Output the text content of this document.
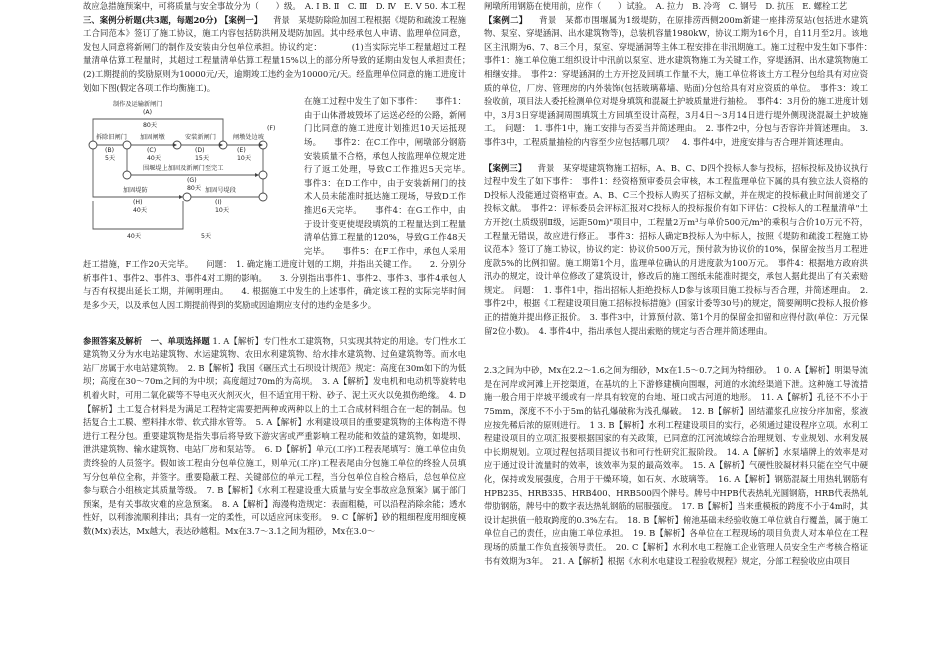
故应急措施预案中，可将质量与安全事故分为（　　）级。　A. I B. Ⅱ　C. Ⅲ　D. Ⅳ　E. V 50. 本工程

三、案例分析题(共3题，每题20分) 【案例一】 　背景　某堤防除险加固工程根据《堤防和疏浚工程施工合同范本》签订了施工协议，施工内容包括防洪闸及堤防加固。其中经承包人申请、监理单位同意，发包人同意将新闸门的制作及安装由分包单位承担。协议约定：　　　　(1)当实际完毕工程量超过工程量清单估算工程量时，其超过工程量清单估算工程量15%以上的部分所导致的延期由发包人承担责任；　　(2)工期提前的奖励原则为10000元/天，逾期竣工违约金为10000元/天。经监理单位同意的施工进度计划如下图(假定各项工作均衡施工)。

制作及运输新闸门
(A)
80天
拆除旧闸门
(B)
5天
加固闸墩
(C)
40天
安装新闸门
(D)
15天
闸墩处边坡
(E)
10天
(F)
围堰堤上加固及新闸门至完工
(G)
80天
加固堤防
(H)
40天
加固号堤段
(I)
10天
40天	5天

在施工过程中发生了如下事件：　　事件1：由于山体滑坡毁坏了运送必经的公路，新闸门比同意的施工进度计划推迟10天运抵现场。　　事件2：在C工作中，闸墩部分钢筋安装质量不合格，承包人按监理单位规定进行了返工处理，导致C工作推迟5天完毕。　　事件3：在D工作中，由于安装新闸门的技术人员未能准时抵达施工现场，导致D工作推迟6天完毕。　　事件4：在G工作中，由于设计变更使堤段填筑的工程量达到工程量清单估算工程量的120%，导致G工作48天完毕。　　事件5：在F工作中，承包人采用赶工措施，F工作20天完毕。　　问题：　1. 确定施工进度计划的工期，并指出关键工作。　　2. 分别分析事件1、事件2、事件3、事件4对工期的影响。　　3. 分别指出事件1、事件2、事件3、事件4承包人与否有权提出延长工期，并阐明理由。　　4. 根据施工中发生的上述事件，确定该工程的实际完毕时间是多少天，以及承包人因工期提前得到的奖励或因逾期应支付的违约金是多少。

参照答案及解析　一、单项选择题 1. A【解析】专门性水工建筑物，只实现其特定的用途。专门性水工建筑物又分为水电站建筑物、水运建筑物、农田水利建筑物、给水排水建筑物、过鱼建筑物等。而水电站厂房属于水电站建筑物。　2. B【解析】我国《碾压式土石坝设计规范》规定：高度在30m如下的为低坝；高度在30～70m之间的为中坝；高度超过70m的为高坝。　3. A【解析】发电机和电动机等旋转电机着火时，可用二氧化碳等不导电灭火剂灭火，但不适宜用干粉、砂子、泥土灭火以免损伤绝缘。　4. D【解析】土工复合材料是为满足工程特定需要把两种或两种以上的土工合成材料组合在一起的制品。包括复合土工膜、塑料排水带、软式排水管等。　5. A【解析】水利建设项目的重要建筑物的主体构造不得进行工程分包。重要建筑物是指失事后将导致下游灾害或严重影响工程功能和效益的建筑物，如堤坝、泄洪建筑物、输水建筑物、电站厂房和泵站等。　6. D【解析】单元(工序)工程表尾填写：施工单位由负责终验的人员签字。假如该工程由分包单位施工，则单元(工序)工程表尾由分包施工单位的终验人员填写分包单位全称，并签字。重要隐蔽工程、关键部位的单元工程，当分包单位自检合格后，总包单位应参与联合小组核定其质量等级。　7. B【解析】《水利工程建设重大质量与安全事故应急预案》属于部门预案，是有关事故灾难的应急预案。　8. A【解析】海漫构造规定：表面粗糙，可以沿程消除余能；透水性好，以利渗流顺利排出；具有一定的柔性，可以适应河床变形。　9. C【解析】砂的粗细程度用细度模数(Mx)表达，Mx越大，表达砂越粗。Mx在3.7～3.1之间为粗砂，Mx在3.0～

闸墩所用钢筋在使用前，应作（　　）试验。　A. 拉力　B. 冷弯　C. 钢号　D. 抗压　E. 螺栓工艺

【案例二】 　背景　某都市围堰属为1级堤防，在原排涝西侧200m新建一座排涝泵站(包括进水建筑物、泵室、穿堤涵洞、出水建筑物等)，总装机容量1980kW，协议工期为16个月，自11月至2月。该地区主汛期为6、7、8三个月，泵室、穿堤涵洞等主体工程安排在非汛期施工。施工过程中发生如下事件：　事件1：施工单位施工组织设计中汛前以泵室、进水建筑物施工为关键工作，穿堤涵洞、出水建筑物施工相继安排。　事件2：穿堤涵洞的土方开挖及回填工作量不大，施工单位将该土方工程分包给具有对应资质的单位，厂房、管理房的内外装饰(包括玻璃幕墙、贴面)分包给具有对应资质的单位。　事件3：竣工验收前，项目法人委托检测单位对堤身填筑和混凝土护坡质量进行抽检。　事件4：3月份的施工进度计划中，3月3日穿堤涵洞周围填筑土方回填至设计高程，3月4日～3月14日进行堤外侧现浇混凝土护坡施工。　问题：　1. 事件1中，施工安排与否妥当并简述理由。　2. 事件2中，分包与否容许并简述理由。　3. 事件3中，工程质量抽检的内容至少应包括哪几项？　4. 事件4中，进度安排与否合理并简述理由。

【案例三】 　背景　某穿堤建筑物施工招标，A、B、C、D四个投标人参与投标，招标投标及协议执行过程中发生了如下事件：　事件1：经资格预审委员会审核，本工程监理单位下属的具有独立法人资格的D投标人没能通过资格审查。A、B、C三个投标人购买了招标文献，并在规定的投标截止时间前递交了投标文献。　事件2：评标委员会评标汇报对C投标人的投标报价有如下评估：C投标人的工程量清单"土方开挖(土质级别Ⅱ级，运距50m)"项目中，工程量2万m³与单价500元/m³的乘积与合价10万元不符，工程量无错误，故应进行修正。　事件3：招标人确定B投标人为中标人，按照《堤防和疏浚工程施工协议范本》签订了施工协议，协议约定：协议价500万元，预付款为协议价的10%，保留金按当月工程进度款5%的比例扣留。施工期第1个月，监理单位确认的月进度款为100万元。　事件4：根据地方政府洪汛办的规定，设计单位修改了建筑设计，修改后的施工图纸未能准时提交，承包人据此提出了有关索赔规定。　问题：　1. 事件1中，指出招标人拒绝投标人D参与该项目施工投标与否合理，并简述理由。　2. 事件2中，根据《工程建设项目施工招标投标措施》(国家计委等30号)的规定，简要阐明C投标人报价修正的措施并提出修正报价。　3. 事件3中，计算预付款、第1个月的保留金扣留和应得付款(单位：万元保留2位小数)。　4. 事件4中，指出承包人提出索赔的规定与否合理并简述理由。

2.3之间为中砂，Mx在2.2～1.6之间为细砂，Mx在1.5～0.7之间为特细砂。　1 0. A【解析】明渠导流是在河岸或河滩上开挖渠道，在基坑的上下游修建横向围堰，河道的水流经渠道下泄。这种施工导流措施一般合用于岸坡平缓或有一岸具有较宽的台地、垭口或古河道的地形。　11. A【解析】孔径不不小于75mm，深度不不小于5m的钻孔爆破称为浅孔爆破。　12. B【解析】固结灌浆孔应按分序加密，浆液应按先稀后浓的原则进行。　1 3. B【解析】水利工程建设项目的实行，必须通过建设程序立项。水利工程建设项目的立项汇报要根据国家的有关政策，已同意的江河流域综合治理规划、专业规划、水利发展中长期规划。立项过程包括项目提议书和可行性研究汇报阶段。　14. A【解析】水泵墙牌上的效率是对应于通过设计流量时的效率，该效率为泵的最高效率。　15. A【解析】气硬性胶凝材料只能在空气中硬化，保持或发展强度，合用于干燥环境，如石灰、水玻璃等。　16. A【解析】钢筋混凝土用热轧钢筋有HPB235、HRB335、HRB400、HRB500四个牌号。牌号中HPB代表热轧光圆钢筋，HRB代表热轧带肋钢筋，牌号中的数字表达热轧钢筋的屈服强度。　17. B【解析】当来重模板的跨度不小于4m时，其设计起拱值一般取跨度的0.3%左右。　18. B【解析】俯池基础未经验收施工单位就自行覆盖，属于施工单位自己的责任，应由施工单位承担。　19. B【解析】各单位在工程现场的项目负责人对本单位在工程现场的质量工作负直接领导责任。　20. C【解析】水利水电工程施工企业管理人员安全生产考核合格证书有效期为3年。　21. A【解析】根据《水利水电建设工程验收规程》规定，分部工程验收应由项目
